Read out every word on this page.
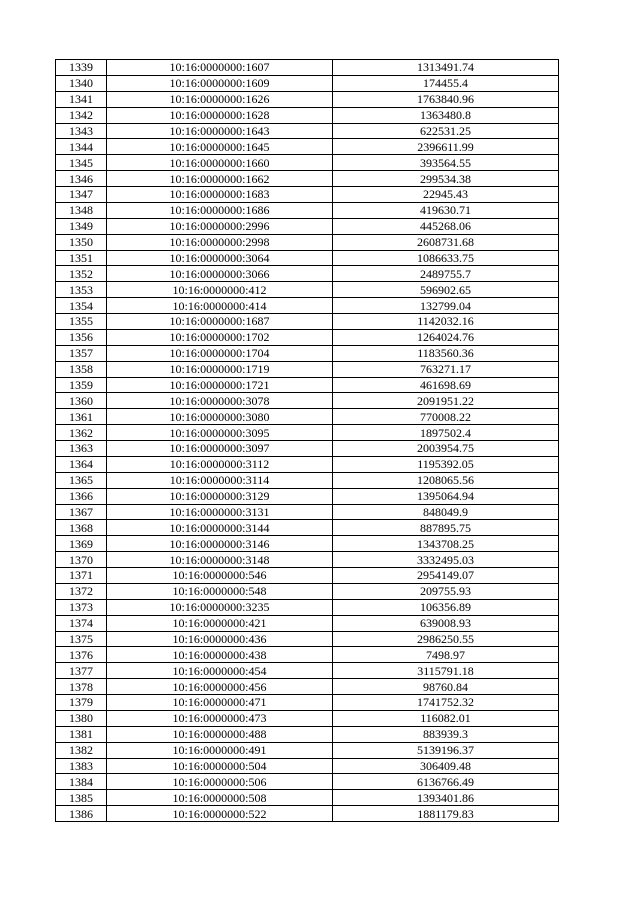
1339	10:16:0000000:1607	1313491.74
1340	10:16:0000000:1609	174455.4
1341	10:16:0000000:1626	1763840.96
1342	10:16:0000000:1628	1363480.8
1343	10:16:0000000:1643	622531.25
1344	10:16:0000000:1645	2396611.99
1345	10:16:0000000:1660	393564.55
1346	10:16:0000000:1662	299534.38
1347	10:16:0000000:1683	22945.43
1348	10:16:0000000:1686	419630.71
1349	10:16:0000000:2996	445268.06
1350	10:16:0000000:2998	2608731.68
1351	10:16:0000000:3064	1086633.75
1352	10:16:0000000:3066	2489755.7
1353	10:16:0000000:412	596902.65
1354	10:16:0000000:414	132799.04
1355	10:16:0000000:1687	1142032.16
1356	10:16:0000000:1702	1264024.76
1357	10:16:0000000:1704	1183560.36
1358	10:16:0000000:1719	763271.17
1359	10:16:0000000:1721	461698.69
1360	10:16:0000000:3078	2091951.22
1361	10:16:0000000:3080	770008.22
1362	10:16:0000000:3095	1897502.4
1363	10:16:0000000:3097	2003954.75
1364	10:16:0000000:3112	1195392.05
1365	10:16:0000000:3114	1208065.56
1366	10:16:0000000:3129	1395064.94
1367	10:16:0000000:3131	848049.9
1368	10:16:0000000:3144	887895.75
1369	10:16:0000000:3146	1343708.25
1370	10:16:0000000:3148	3332495.03
1371	10:16:0000000:546	2954149.07
1372	10:16:0000000:548	209755.93
1373	10:16:0000000:3235	106356.89
1374	10:16:0000000:421	639008.93
1375	10:16:0000000:436	2986250.55
1376	10:16:0000000:438	7498.97
1377	10:16:0000000:454	3115791.18
1378	10:16:0000000:456	98760.84
1379	10:16:0000000:471	1741752.32
1380	10:16:0000000:473	116082.01
1381	10:16:0000000:488	883939.3
1382	10:16:0000000:491	5139196.37
1383	10:16:0000000:504	306409.48
1384	10:16:0000000:506	6136766.49
1385	10:16:0000000:508	1393401.86
1386	10:16:0000000:522	1881179.83
